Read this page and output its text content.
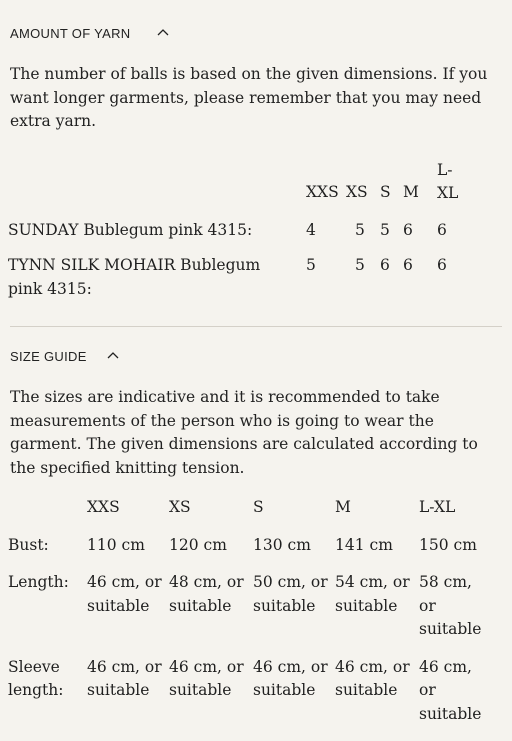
AMOUNT OF YARN

The number of balls is based on the given dimensions. If you want longer garments, please remember that you may need extra yarn.

	XXS	XS	S	M	L-XL
SUNDAY Bublegum pink 4315:	4	5	5	6	6
TYNN SILK MOHAIR Bublegum pink 4315:	5	5	6	6	6
SIZE GUIDE

The sizes are indicative and it is recommended to take measurements of the person who is going to wear the garment. The given dimensions are calculated according to the specified knitting tension.

	XXS	XS	S	M	L-XL
Bust:	110 cm	120 cm	130 cm	141 cm	150 cm
Length:	46 cm, or suitable	48 cm, or suitable	50 cm, or suitable	54 cm, or suitable	58 cm, or suitable
Sleeve length:	46 cm, or suitable	46 cm, or suitable	46 cm, or suitable	46 cm, or suitable	46 cm, or suitable
